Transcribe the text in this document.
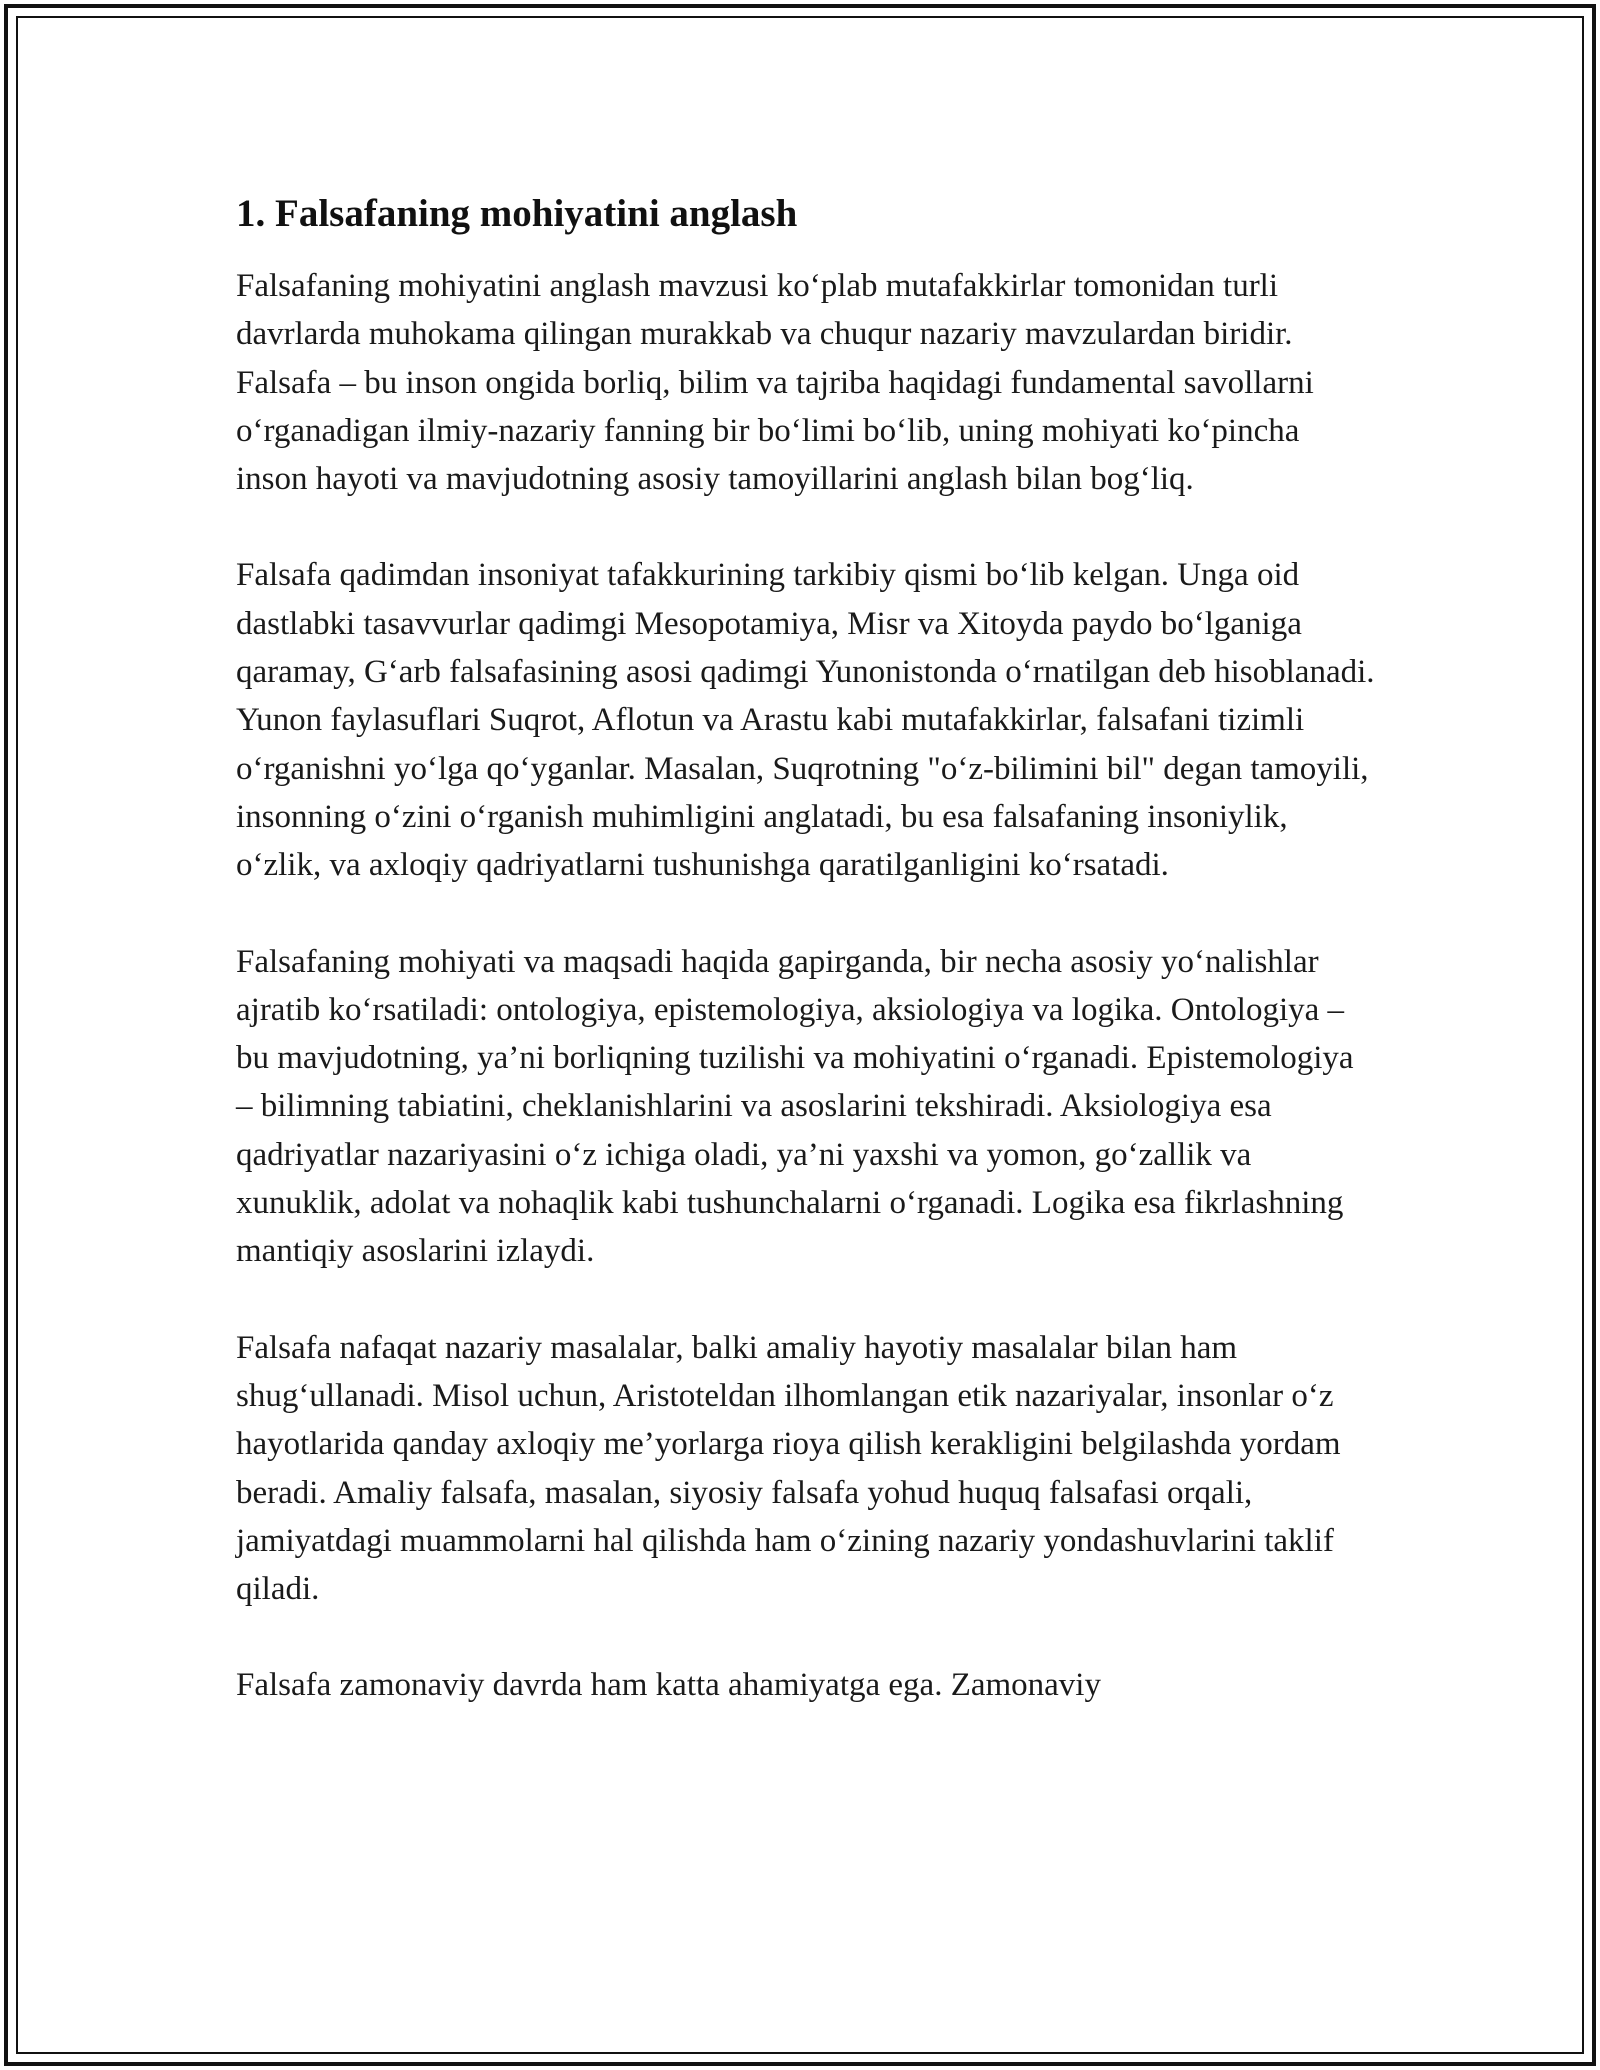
1. Falsafaning mohiyatini anglash

Falsafaning mohiyatini anglash mavzusi ko‘plab mutafakkirlar tomonidan turli davrlarda muhokama qilingan murakkab va chuqur nazariy mavzulardan biridir. Falsafa – bu inson ongida borliq, bilim va tajriba haqidagi fundamental savollarni o‘rganadigan ilmiy-nazariy fanning bir bo‘limi bo‘lib, uning mohiyati ko‘pincha inson hayoti va mavjudotning asosiy tamoyillarini anglash bilan bog‘liq.

Falsafa qadimdan insoniyat tafakkurining tarkibiy qismi bo‘lib kelgan. Unga oid dastlabki tasavvurlar qadimgi Mesopotamiya, Misr va Xitoyda paydo bo‘lganiga qaramay, G‘arb falsafasining asosi qadimgi Yunonistonda o‘rnatilgan deb hisoblanadi. Yunon faylasuflari Suqrot, Aflotun va Arastu kabi mutafakkirlar, falsafani tizimli o‘rganishni yo‘lga qo‘yganlar. Masalan, Suqrotning "o‘z-bilimini bil" degan tamoyili, insonning o‘zini o‘rganish muhimligini anglatadi, bu esa falsafaning insoniylik, o‘zlik, va axloqiy qadriyatlarni tushunishga qaratilganligini ko‘rsatadi.

Falsafaning mohiyati va maqsadi haqida gapirganda, bir necha asosiy yo‘nalishlar ajratib ko‘rsatiladi: ontologiya, epistemologiya, aksiologiya va logika. Ontologiya – bu mavjudotning, ya’ni borliqning tuzilishi va mohiyatini o‘rganadi. Epistemologiya – bilimning tabiatini, cheklanishlarini va asoslarini tekshiradi. Aksiologiya esa qadriyatlar nazariyasini o‘z ichiga oladi, ya’ni yaxshi va yomon, go‘zallik va xunuklik, adolat va nohaqlik kabi tushunchalarni o‘rganadi. Logika esa fikrlashning mantiqiy asoslarini izlaydi.

Falsafa nafaqat nazariy masalalar, balki amaliy hayotiy masalalar bilan ham shug‘ullanadi. Misol uchun, Aristoteldan ilhomlangan etik nazariyalar, insonlar o‘z hayotlarida qanday axloqiy me’yorlarga rioya qilish kerakligini belgilashda yordam beradi. Amaliy falsafa, masalan, siyosiy falsafa yohud huquq falsafasi orqali, jamiyatdagi muammolarni hal qilishda ham o‘zining nazariy yondashuvlarini taklif qiladi.

Falsafa zamonaviy davrda ham katta ahamiyatga ega. Zamonaviy
